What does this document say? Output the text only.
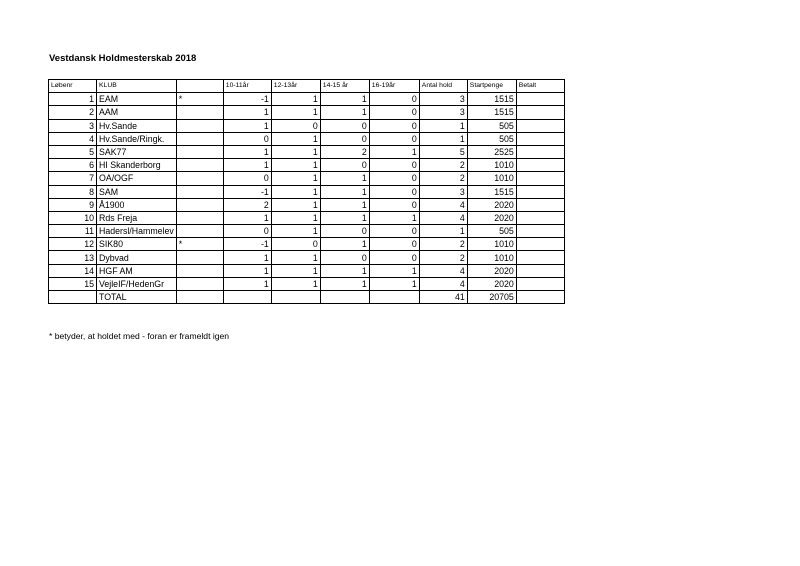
Vestdansk Holdmesterskab 2018
Løbenr	KLUB		10-11år	12-13år	14-15 år	16-19år	Antal hold	Startpenge	Betalt
1	EAM	*	-1	1	1	0	3	1515	
2	AAM		1	1	1	0	3	1515	
3	Hv.Sande		1	0	0	0	1	505	
4	Hv.Sande/Ringk.		0	1	0	0	1	505	
5	SAK77		1	1	2	1	5	2525	
6	HI Skanderborg		1	1	0	0	2	1010	
7	OA/OGF		0	1	1	0	2	1010	
8	SAM		-1	1	1	0	3	1515	
9	Å1900		2	1	1	0	4	2020	
10	Rds Freja		1	1	1	1	4	2020	
11	Hadersl/Hammelev		0	1	0	0	1	505	
12	SIK80	*	-1	0	1	0	2	1010	
13	Dybvad		1	1	0	0	2	1010	
14	HGF AM		1	1	1	1	4	2020	
15	VejleIF/HedenGr		1	1	1	1	4	2020	
	TOTAL						41	20705	
* betyder, at holdet med - foran er frameldt igen
